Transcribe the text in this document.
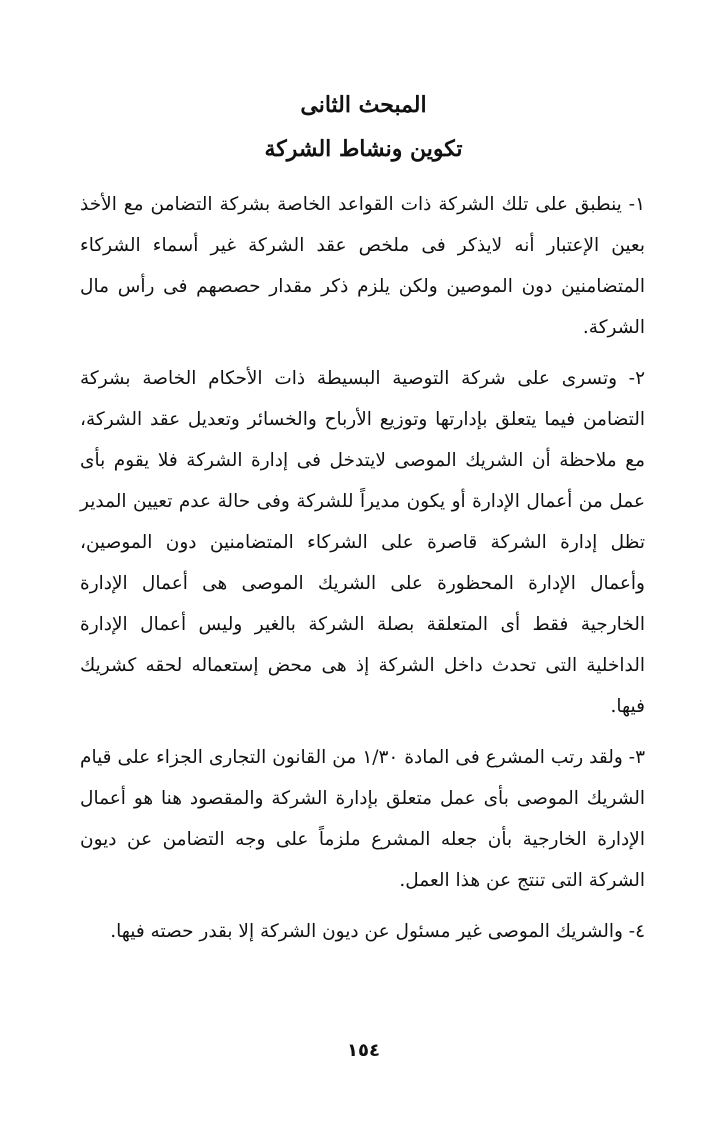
المبحث الثانى
تكوين ونشاط الشركة

١- ينطبق على تلك الشركة ذات القواعد الخاصة بشركة التضامن مع الأخذ بعين الإعتبار أنه لايذكر فى ملخص عقد الشركة غير أسماء الشركاء المتضامنين دون الموصين ولكن يلزم ذكر مقدار حصصهم فى رأس مال الشركة.

٢- وتسرى على شركة التوصية البسيطة ذات الأحكام الخاصة بشركة التضامن فيما يتعلق بإدارتها وتوزيع الأرباح والخسائر وتعديل عقد الشركة، مع ملاحظة أن الشريك الموصى لايتدخل فى إدارة الشركة فلا يقوم بأى عمل من أعمال الإدارة أو يكون مديراً للشركة وفى حالة عدم تعيين المدير تظل إدارة الشركة قاصرة على الشركاء المتضامنين دون الموصين، وأعمال الإدارة المحظورة على الشريك الموصى هى أعمال الإدارة الخارجية فقط أى المتعلقة بصلة الشركة بالغير وليس أعمال الإدارة الداخلية التى تحدث داخل الشركة إذ هى محض إستعماله لحقه كشريك فيها.

٣- ولقد رتب المشرع فى المادة ١/٣٠ من القانون التجارى الجزاء على قيام الشريك الموصى بأى عمل متعلق بإدارة الشركة والمقصود هنا هو أعمال الإدارة الخارجية بأن جعله المشرع ملزماً على وجه التضامن عن ديون الشركة التى تنتج عن هذا العمل.

٤- والشريك الموصى غير مسئول عن ديون الشركة إلا بقدر حصته فيها.

١٥٤
